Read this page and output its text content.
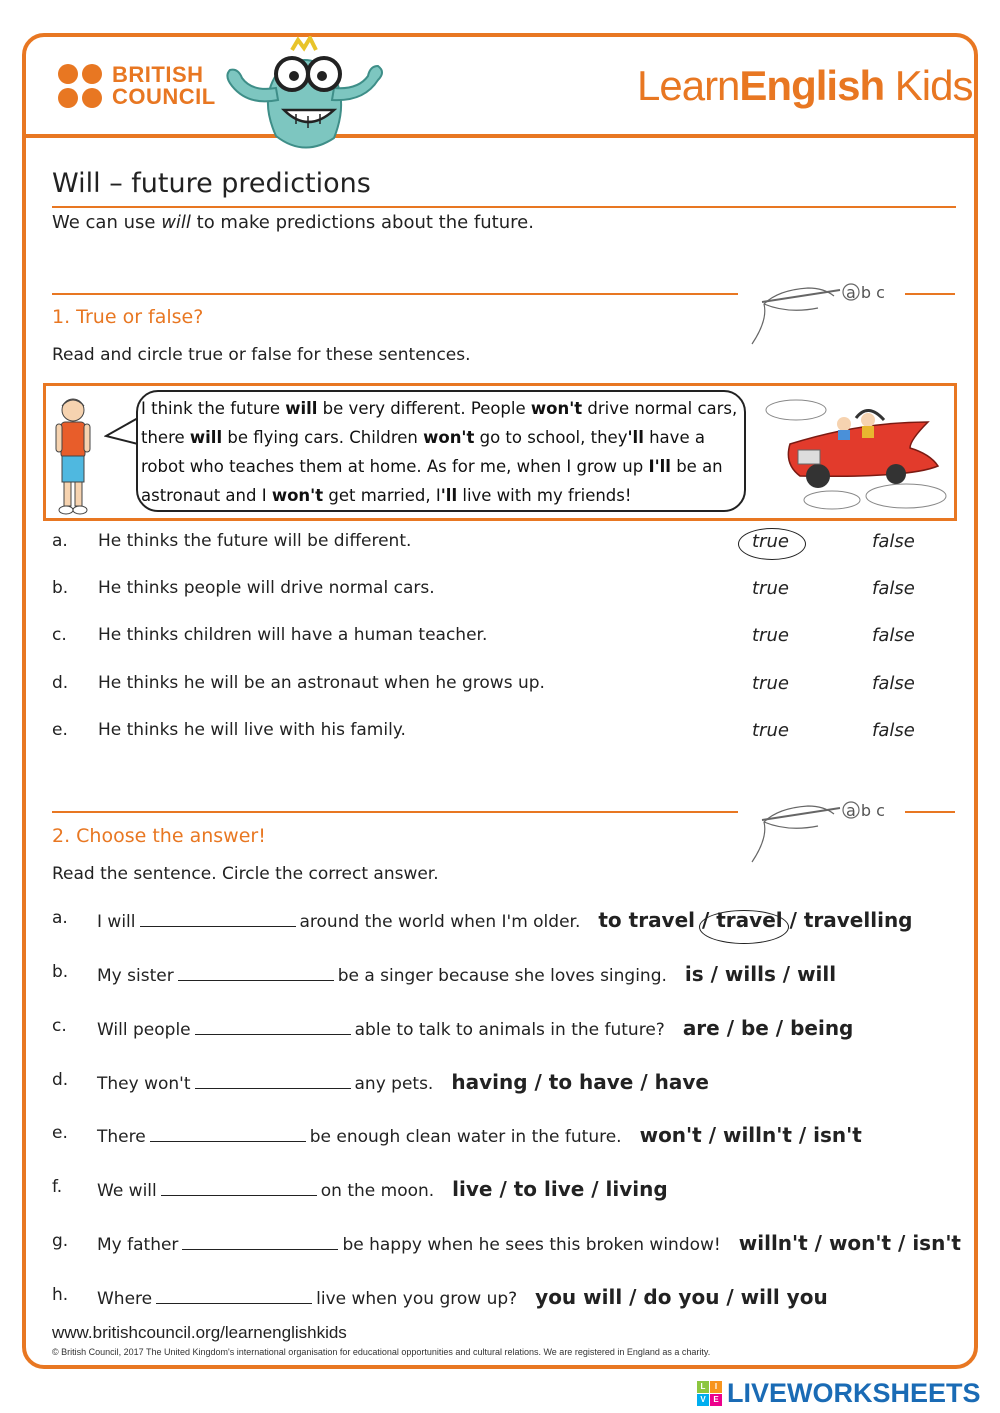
BRITISH
COUNCIL	LearnEnglish Kids
Will – future predictions
We can use will to make predictions about the future.
a b c
1. True or false?
Read and circle true or false for these sentences.
I think the future will be very different. People won't drive normal cars, there will be flying cars. Children won't go to school, they'll have a robot who teaches them at home. As for me, when I grow up I'll be an astronaut and I won't get married, I'll live with my friends!
a. He thinks the future will be different.	true	false
b. He thinks people will drive normal cars.	true	false
c. He thinks children will have a human teacher.	true	false
d. He thinks he will be an astronaut when he grows up.	true	false
e. He thinks he will live with his family.	true	false
a b c
2. Choose the answer!
Read the sentence. Circle the correct answer.
a. I will	around the world when I'm older. to travel / travel / travelling
b. My sister	be a singer because she loves singing. is / wills / will
c. Will people	able to talk to animals in the future? are / be / being
d. They won't	any pets. having / to have / have
e. There	be enough clean water in the future. won't / willn't / isn't
f. We will	on the moon. live / to live / living
g. My father	be happy when he sees this broken window! willn't / won't / isn't
h. Where	live when you grow up? you will / do you / will you
www.britishcouncil.org/learnenglishkids
© British Council, 2017 The United Kingdom's international organisation for educational opportunities and cultural relations. We are registered in England as a charity.
L	I
V E LIVEWORKSHEETS
